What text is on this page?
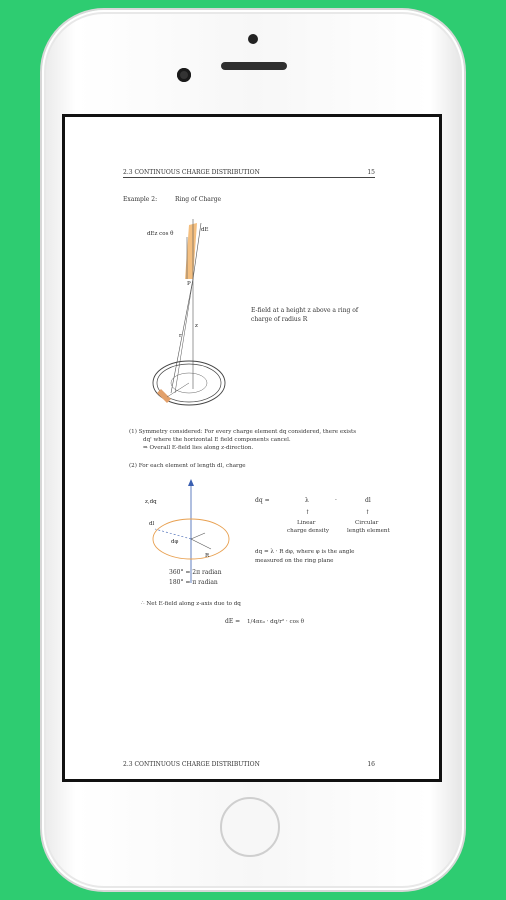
2.3 CONTINUOUS CHARGE DISTRIBUTION	15
Example 2:	Ring of Charge
dEz cos θ
dE
P
z
r
E-field at a height z above a ring of
charge of radius R
(1) Symmetry considered: For every charge element dq considered, there exists
dq' where the horizontal E field components cancel.
⇒ Overall E-field lies along z-direction.
(2) For each element of length dl, charge
z,dq
dl
R
dφ
dq =	λ	·	dl
↑	↑
Linear
charge density
Circular
length element
dq = λ · R dφ, where φ is the angle
measured on the ring plane
360° = 2π radian
180° = π radian
∴ Net E-field along z-axis due to dq
dE = 1/4πε₀ · dq/r² · cos θ
2.3 CONTINUOUS CHARGE DISTRIBUTION	16
